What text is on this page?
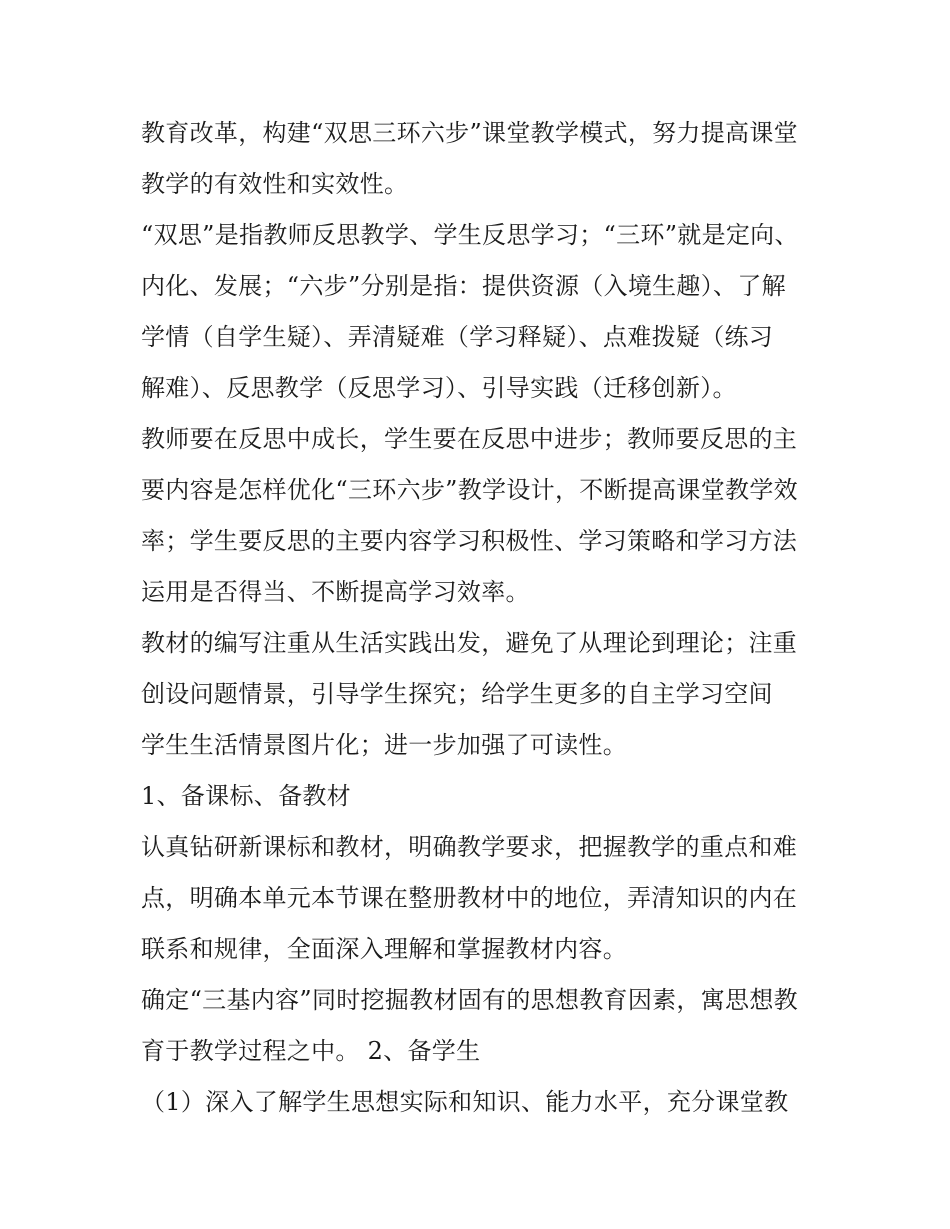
教育改革，构建“双思三环六步”课堂教学模式，努力提高课堂
教学的有效性和实效性。
“双思”是指教师反思教学、学生反思学习；“三环”就是定向、
内化、发展；“六步”分别是指：提供资源（入境生趣）、了解
学情（自学生疑）、弄清疑难（学习释疑）、点难拨疑（练习
解难）、反思教学（反思学习）、引导实践（迁移创新）。
教师要在反思中成长，学生要在反思中进步；教师要反思的主
要内容是怎样优化“三环六步”教学设计，不断提高课堂教学效
率；学生要反思的主要内容学习积极性、学习策略和学习方法
运用是否得当、不断提高学习效率。
教材的编写注重从生活实践出发，避免了从理论到理论；注重
创设问题情景，引导学生探究；给学生更多的自主学习空间
学生生活情景图片化；进一步加强了可读性。
1、备课标、备教材
认真钻研新课标和教材，明确教学要求，把握教学的重点和难
点，明确本单元本节课在整册教材中的地位，弄清知识的内在
联系和规律，全面深入理解和掌握教材内容。
确定“三基内容”同时挖掘教材固有的思想教育因素，寓思想教
育于教学过程之中。 2、备学生
（1）深入了解学生思想实际和知识、能力水平，充分课堂教
